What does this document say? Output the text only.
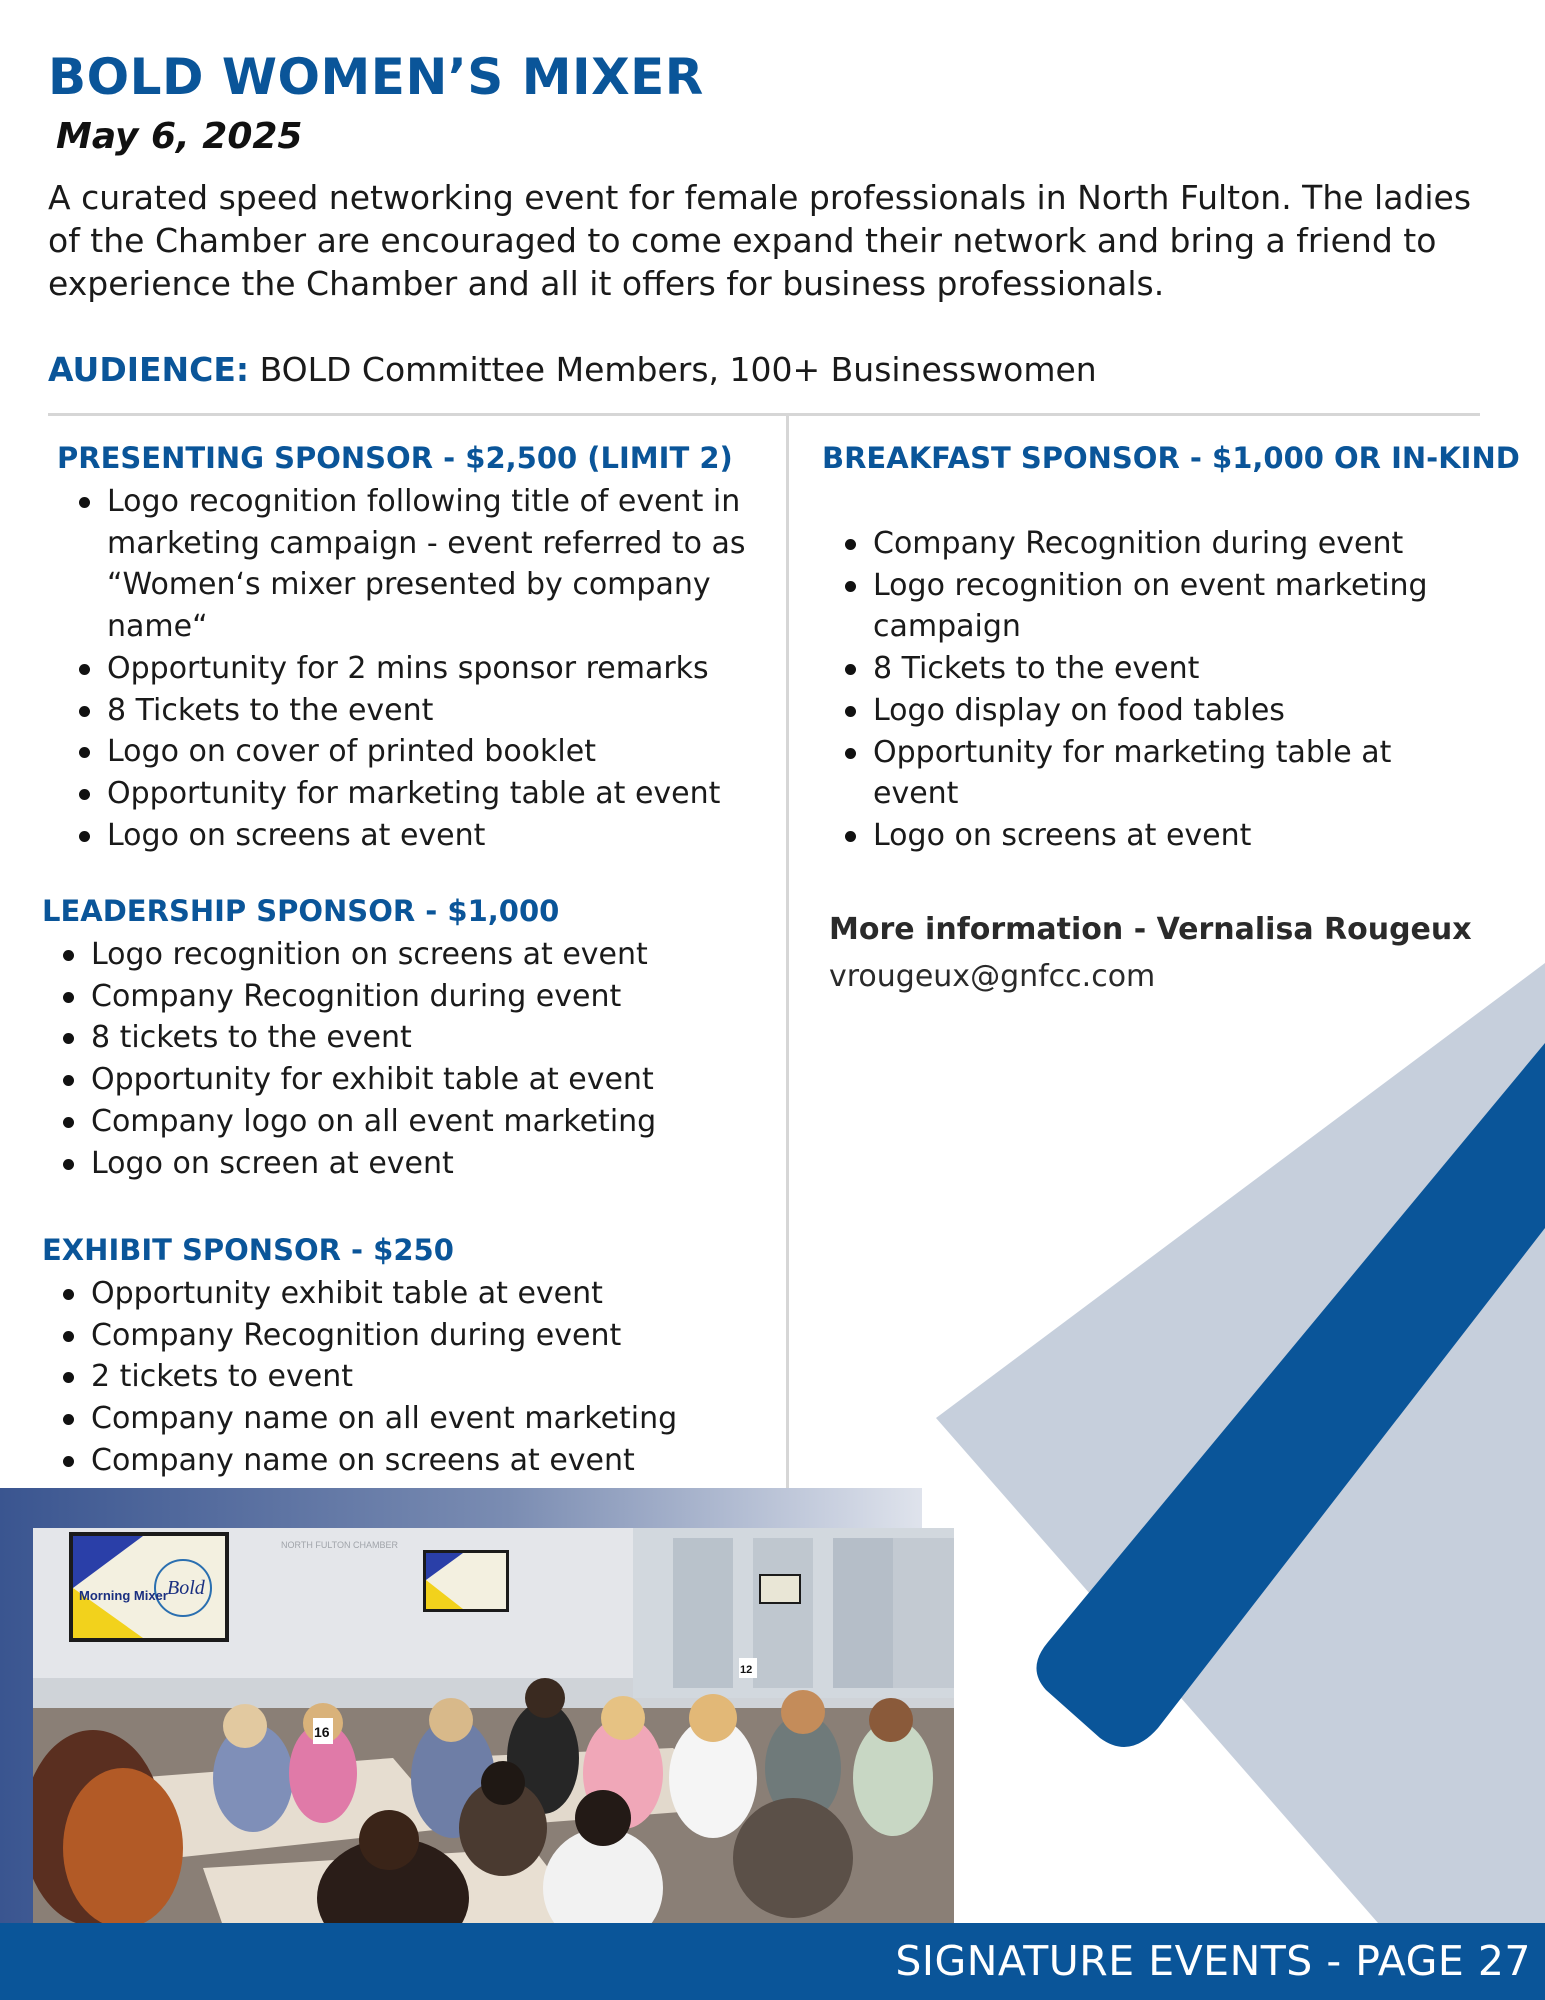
BOLD WOMEN’S MIXER
May 6, 2025

A curated speed networking event for female professionals in North Fulton. The ladies of the Chamber are encouraged to come expand their network and bring a friend to experience the Chamber and all it offers for business professionals.

AUDIENCE: BOLD Committee Members, 100+ Businesswomen
PRESENTING SPONSOR - $2,500 (LIMIT 2)
Logo recognition following title of event in marketing campaign - event referred to as “Women‘s mixer presented by company name“
Opportunity for 2 mins sponsor remarks
8 Tickets to the event
Logo on cover of printed booklet
Opportunity for marketing table at event
Logo on screens at event
LEADERSHIP SPONSOR - $1,000
Logo recognition on screens at event
Company Recognition during event
8 tickets to the event
Opportunity for exhibit table at event
Company logo on all event marketing
Logo on screen at event
EXHIBIT SPONSOR - $250
Opportunity exhibit table at event
Company Recognition during event
2 tickets to event
Company name on all event marketing
Company name on screens at event
BREAKFAST SPONSOR - $1,000 OR IN-KIND
Company Recognition during event
Logo recognition on event marketing campaign
8 Tickets to the event
Logo display on food tables
Opportunity for marketing table at event
Logo on screens at event
More information - Vernalisa Rougeux
vrougeux@gnfcc.com
Morning Mixer Bold
NORTH FULTON CHAMBER
16
12
SIGNATURE EVENTS - PAGE 27
